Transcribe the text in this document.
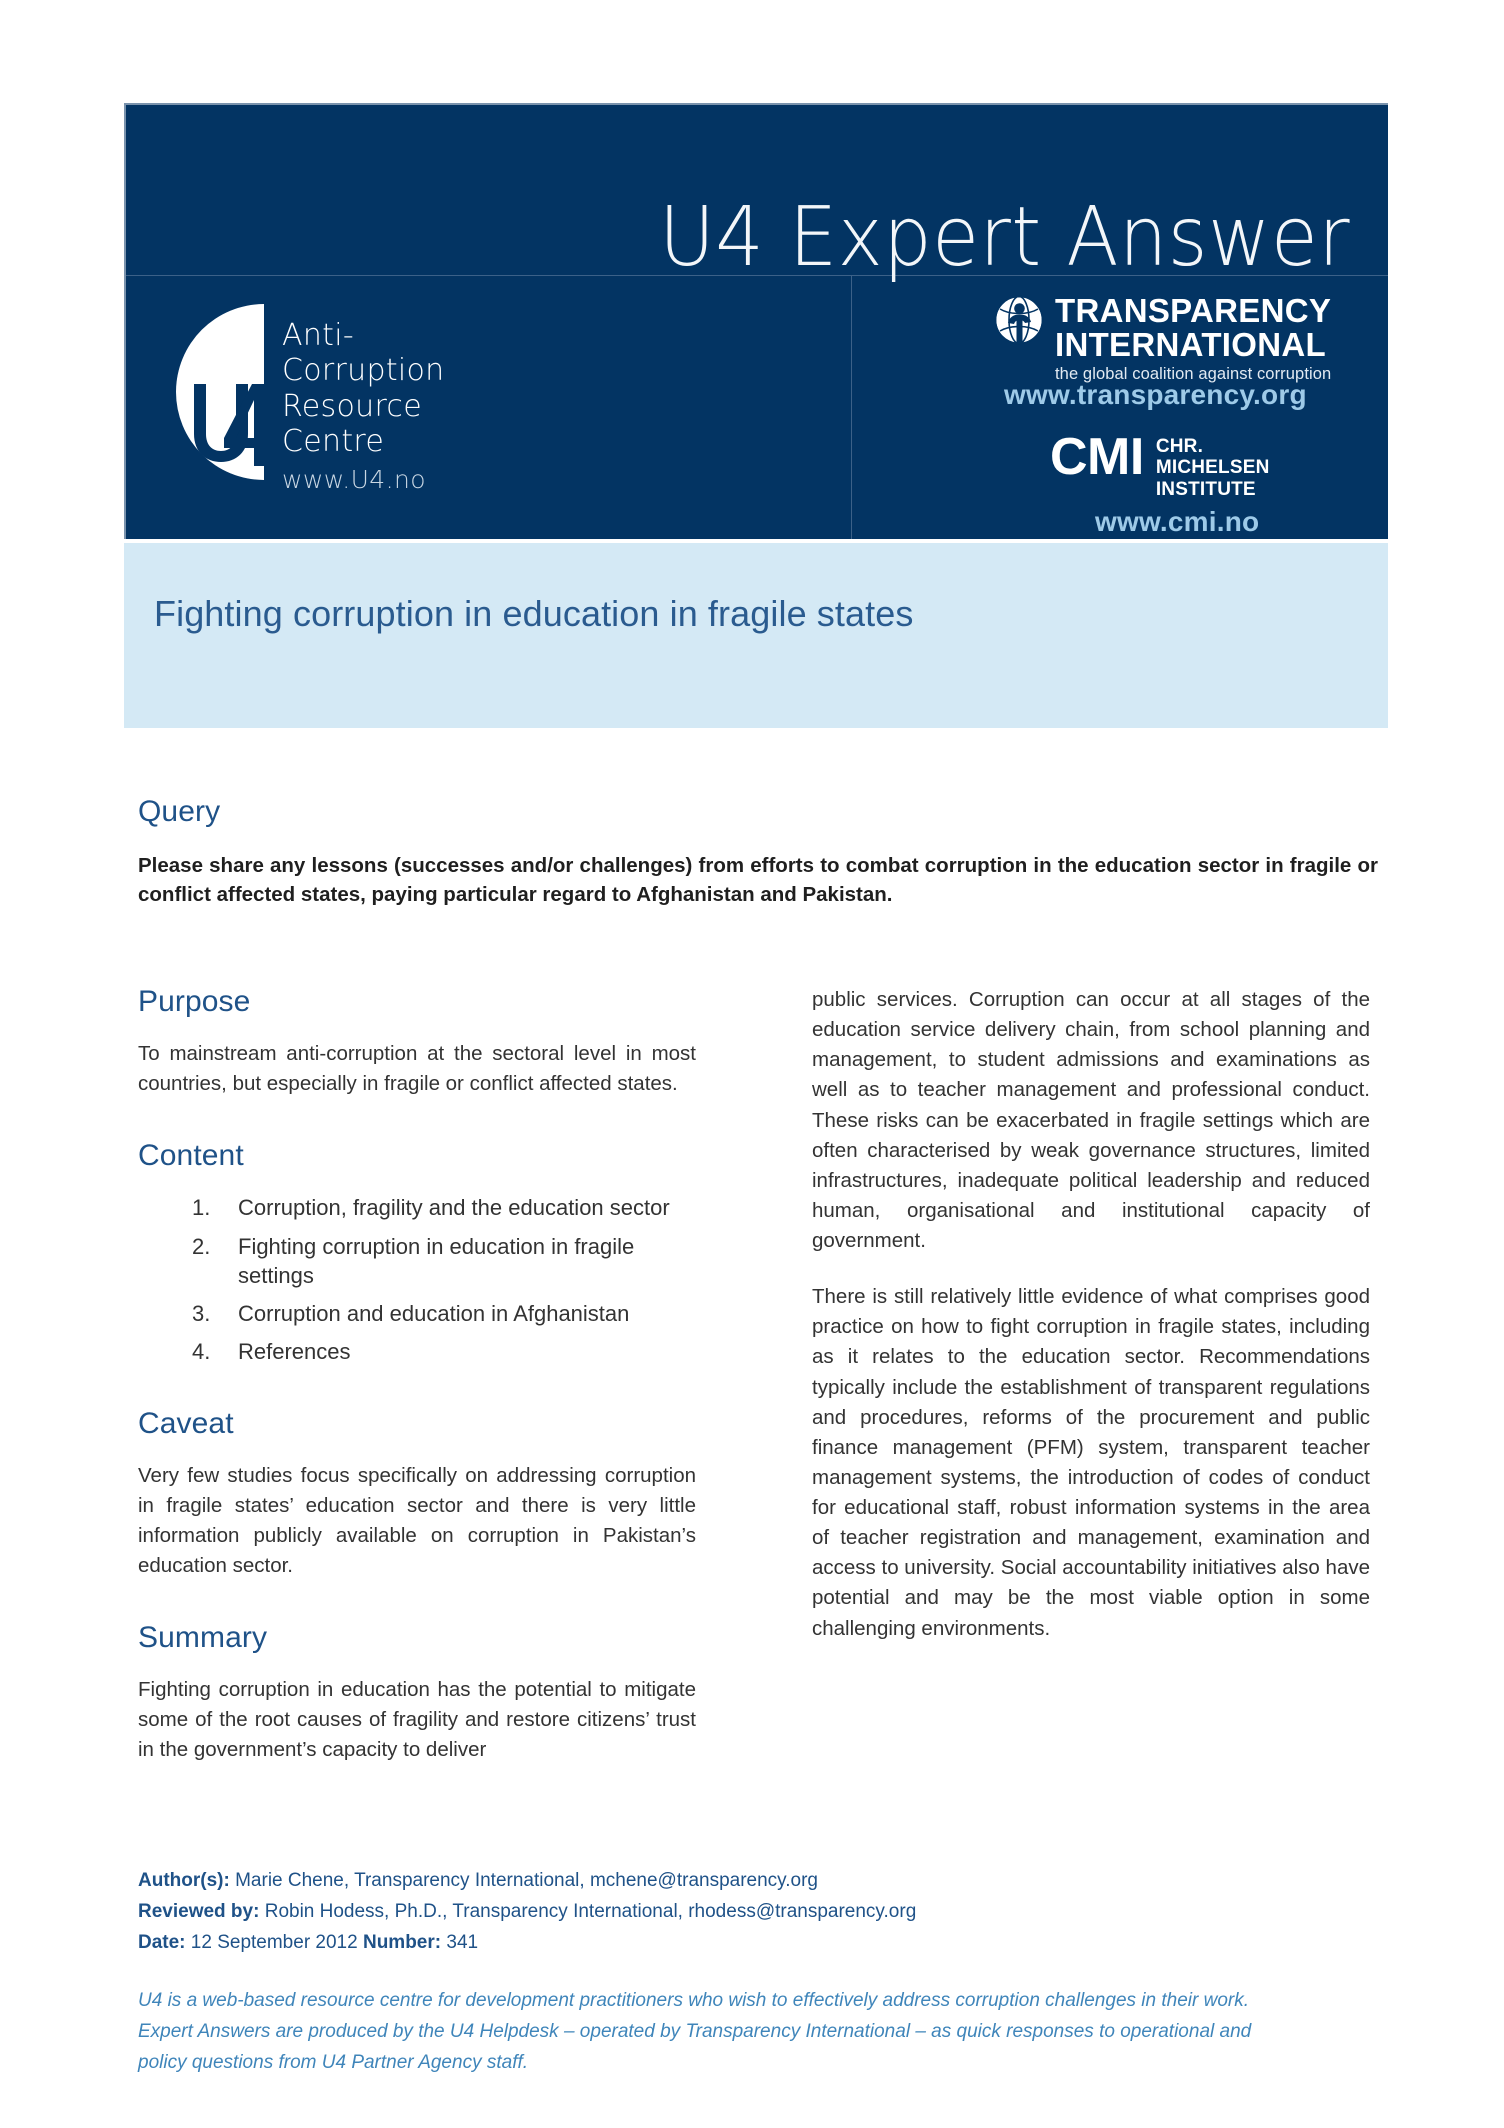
U4 Expert Answer
Anti-
Corruption
Resource
Centre
www.U4.no
TRANSPARENCY
INTERNATIONAL
the global coalition against corruption
www.transparency.org
CMI CHR.
MICHELSEN
INSTITUTE
www.cmi.no
Fighting corruption in education in fragile states
Query

Please share any lessons (successes and/or challenges) from efforts to combat corruption in the education sector in fragile or conflict affected states, paying particular regard to Afghanistan and Pakistan.

Purpose

To mainstream anti-corruption at the sectoral level in most countries, but especially in fragile or conflict affected states.

Content
Corruption, fragility and the education sector
Fighting corruption in education in fragile settings
Corruption and education in Afghanistan
References
Caveat

Very few studies focus specifically on addressing corruption in fragile states’ education sector and there is very little information publicly available on corruption in Pakistan’s education sector.

Summary

Fighting corruption in education has the potential to mitigate some of the root causes of fragility and restore citizens’ trust in the government’s capacity to deliver

public services. Corruption can occur at all stages of the education service delivery chain, from school planning and management, to student admissions and examinations as well as to teacher management and professional conduct. These risks can be exacerbated in fragile settings which are often characterised by weak governance structures, limited infrastructures, inadequate political leadership and reduced human, organisational and institutional capacity of government.

There is still relatively little evidence of what comprises good practice on how to fight corruption in fragile states, including as it relates to the education sector. Recommendations typically include the establishment of transparent regulations and procedures, reforms of the procurement and public finance management (PFM) system, transparent teacher management systems, the introduction of codes of conduct for educational staff, robust information systems in the area of teacher registration and management, examination and access to university. Social accountability initiatives also have potential and may be the most viable option in some challenging environments.

Author(s): Marie Chene, Transparency International, mchene@transparency.org
Reviewed by: Robin Hodess, Ph.D., Transparency International, rhodess@transparency.org
Date: 12 September 2012 Number: 341
U4 is a web-based resource centre for development practitioners who wish to effectively address corruption challenges in their work.
Expert Answers are produced by the U4 Helpdesk – operated by Transparency International – as quick responses to operational and
policy questions from U4 Partner Agency staff.
